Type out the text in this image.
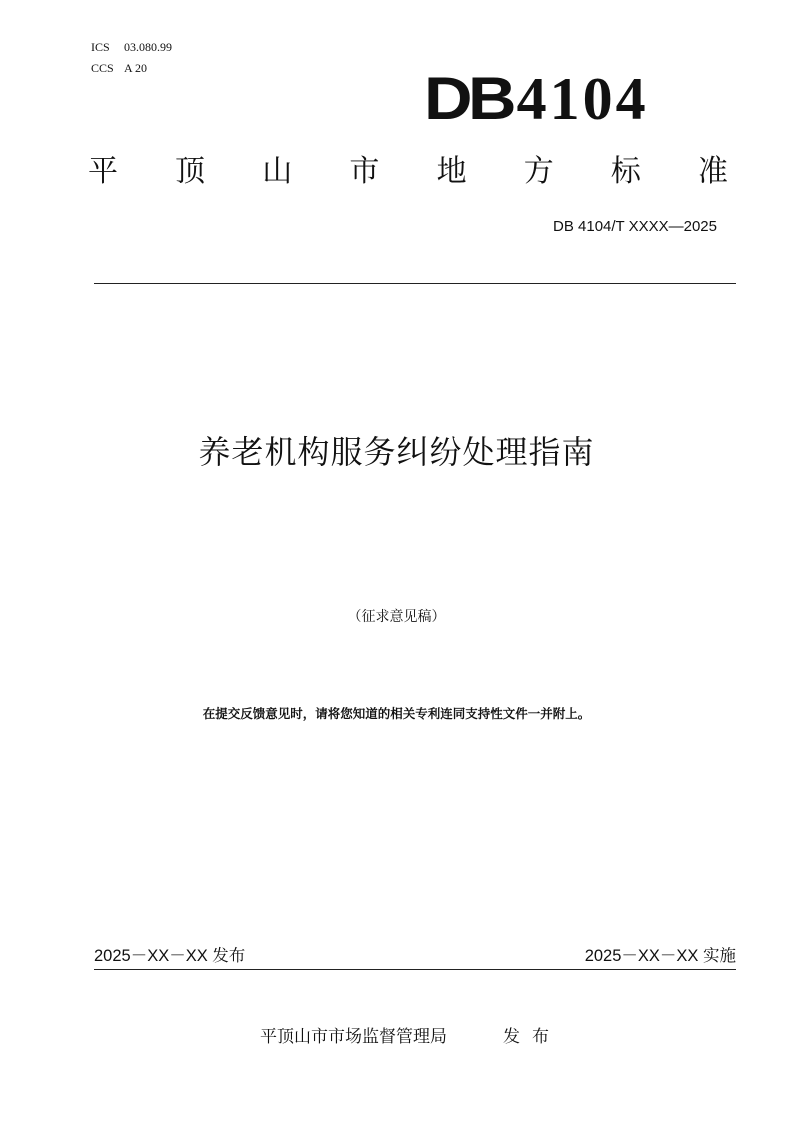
ICS 03.080.99
CCS A 20	DB4104
平 顶 山 市 地 方 标 准
DB 4104/T XXXX—2025
养老机构服务纠纷处理指南
（征求意见稿）
在提交反馈意见时，请将您知道的相关专利连同支持性文件一并附上。
2025－XX－XX 发布	2025－XX－XX 实施
平顶山市市场监督管理局	发布
